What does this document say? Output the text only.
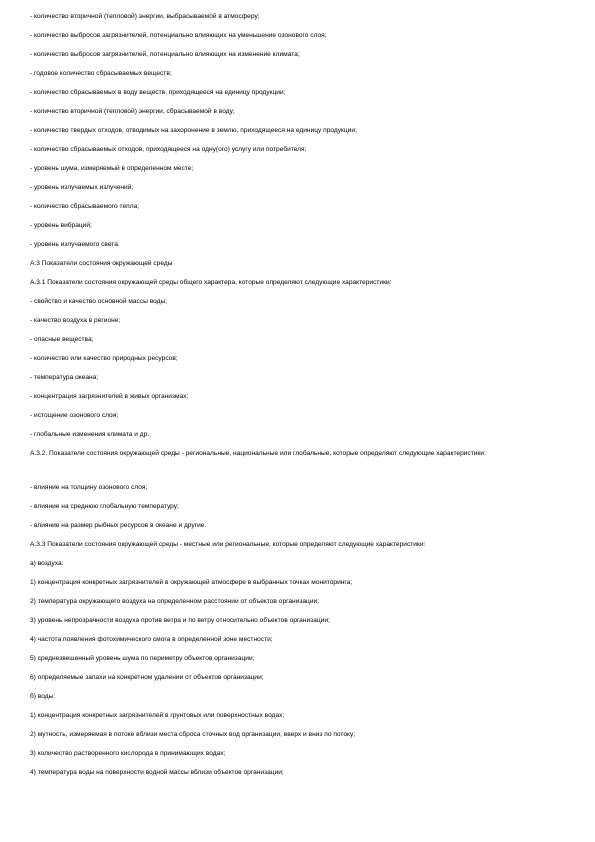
- количество вторичной (тепловой) энергии, выбрасываемой в атмосферу;
- количество выбросов загрязнителей, потенциально влияющих на уменьшение озонового слоя;
- количество выбросов загрязнителей, потенциально влияющих на изменение климата;
- годовое количество сбрасываемых веществ;
- количество сбрасываемых в воду веществ, приходящееся на единицу продукции;
- количество вторичной (тепловой) энергии, сбрасываемой в воду;
- количество твердых отходов, отводимых на захоронение в землю, приходящееся на единицу продукции;
- количество сбрасываемых отходов, приходящееся на одну(ого) услугу или потребителя;
- уровень шума, измеряемый в определенном месте;
- уровень излучаемых излучений;
- количество сбрасываемого тепла;
- уровень вибраций;
- уровень излучаемого света.
А.3 Показатели состояния окружающей среды
А.3.1 Показатели состояния окружающей среды общего характера, которые определяют следующие характеристики:
- свойство и качество основной массы воды;
- качество воздуха в регионе;
- опасные вещества;
- количество или качество природных ресурсов;
- температура океана;
- концентрация загрязнителей в живых организмах;
- истощение озонового слоя;
- глобальные изменения климата и др.
А.3.2. Показатели состояния окружающей среды - региональные, национальные или глобальные, которые определяют следующие характеристики:
- влияние на толщину озонового слоя;
- влияние на среднюю глобальную температуру;
- влияние на размер рыбных ресурсов в океане и другие.
А.3.3 Показатели состояния окружающей среды - местные или региональные, которые определяют следующие характеристики:
а) воздуха:
1) концентрация конкретных загрязнителей в окружающей атмосфере в выбранных точках мониторинга;
2) температура окружающего воздуха на определенном расстоянии от объектов организации;
3) уровень непрозрачности воздуха против ветра и по ветру относительно объектов организации;
4) частота появления фотохимического смога в определенной зоне местности;
5) среднезвешенный уровень шума по периметру объектов организации;
6) определяемые запахи на конкретном удалении от объектов организации;
б) воды:
1) концентрация конкретных загрязнителей в грунтовых или поверхностных водах;
2) мутность, измеряемая в потоке вблизи места сброса сточных вод организации, вверх и вниз по потоку;
3) количество растворенного кислорода в принимающих водах;
4) температура воды на поверхности водной массы вблизи объектов организации;
